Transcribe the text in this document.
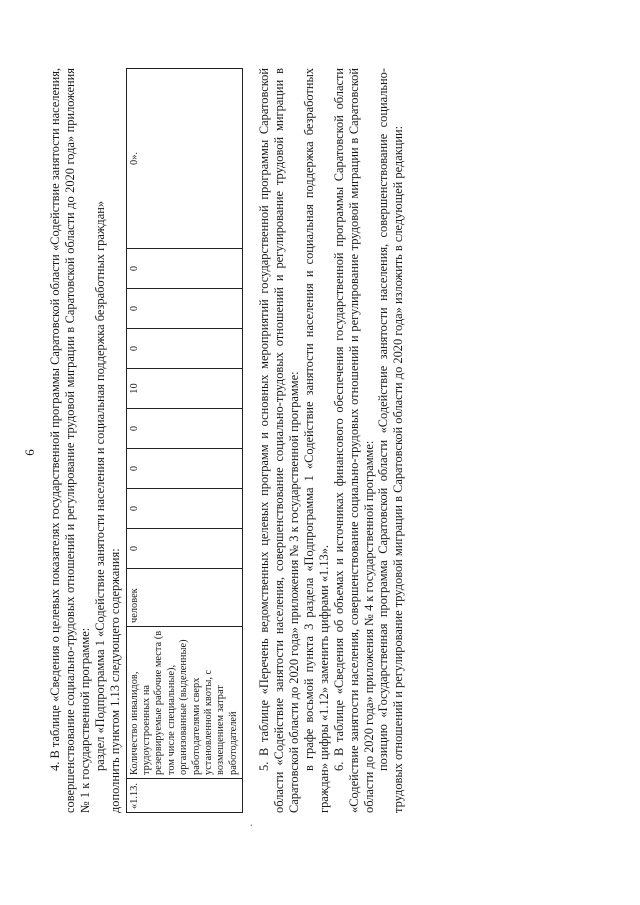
6 4. В таблице «Сведения о целевых показателях государственной программы Саратовской области «Содействие занятости населения, совершенствование социально-трудовых отношений и регулирование трудовой миграции в Саратовской области до 2020 года» приложения № 1 к государственной программе: раздел «Подпрограмма 1 «Содействие занятости населения и социальная поддержка безработных граждан» дополнить пунктом 1.13 следующего содержания: «1.13.	Количество инвалидов, трудоустроенных на резервируемые рабочие места (в том числе специальные), организованные (выделенные) работодателями сверх установленной квоты, с возмещением затрат работодателей	человек	0	0	0	0	10	0	0	0	0».	5. В таблице «Перечень ведомственных целевых программ и основных мероприятий государственной программы Саратовской области «Содействие занятости населения, совершенствование социально-трудовых отношений и регулирование трудовой миграции в Саратовской области до 2020 года» приложения № 3 к государственной программе: в графе восьмой пункта 3 раздела «Подпрограмма 1 «Содействие занятости населения и социальная поддержка безработных граждан» цифры «1.12» заменить цифрами «1.13». 6. В таблице «Сведения об объемах и источниках финансового обеспечения государственной программы Саратовской области «Содействие занятости населения, совершенствование социально-трудовых отношений и регулирование трудовой миграции в Саратовской области до 2020 года» приложения № 4 к государственной программе: позицию «Государственная программа Саратовской области «Содействие занятости населения, совершенствование социально-трудовых отношений и регулирование трудовой миграции в Саратовской области до 2020 года» изложить в следующей редакции:

·
